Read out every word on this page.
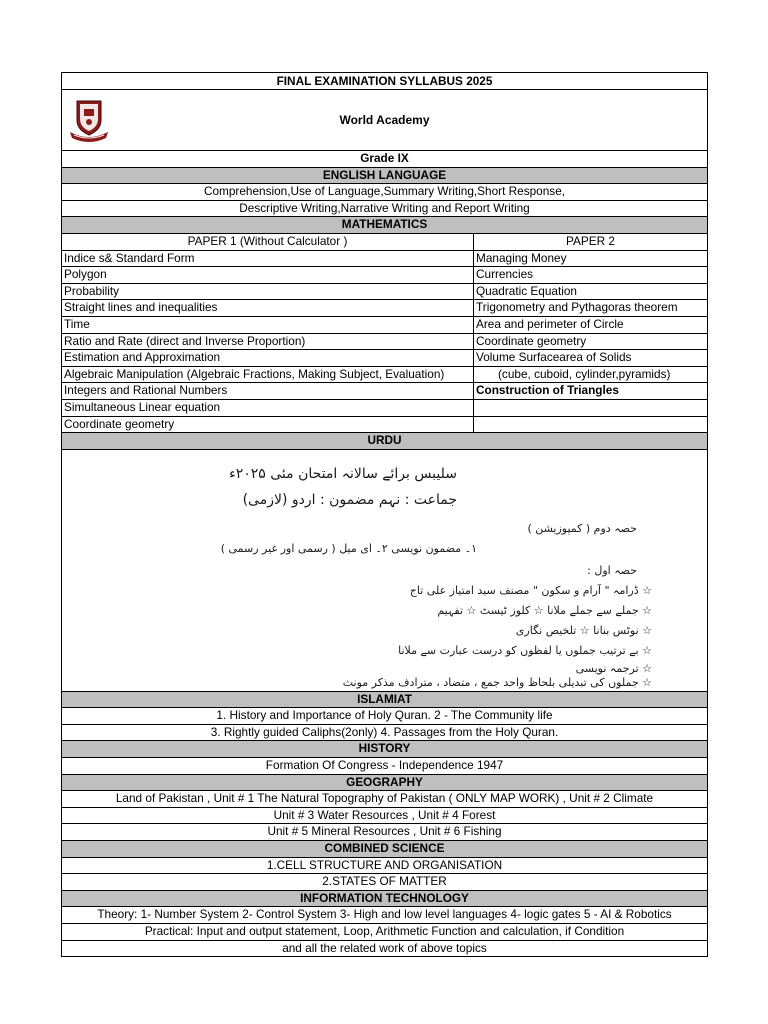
FINAL EXAMINATION SYLLABUS 2025
World Academy
Grade IX
ENGLISH LANGUAGE
Comprehension,Use of Language,Summary Writing,Short Response,
Descriptive Writing,Narrative Writing and Report Writing
MATHEMATICS
PAPER 1 (Without Calculator )	PAPER 2
Indice s& Standard Form	Managing Money
Polygon	Currencies
Probability	Quadratic Equation
Straight lines and inequalities	Trigonometry and Pythagoras theorem
Time	Area and perimeter of Circle
Ratio and Rate (direct and Inverse Proportion)	Coordinate geometry
Estimation and Approximation	Volume Surfacearea of Solids
Algebraic Manipulation (Algebraic Fractions, Making Subject, Evaluation)	(cube, cuboid, cylinder,pyramids)
Integers and Rational Numbers	Construction of Triangles
Simultaneous Linear equation
Coordinate geometry
URDU
سلیبس برائے سالانہ امتحان مئی ۲۰۲۵ء
جماعت : نہم مضمون : اردو (لازمی)
حصہ دوم ( کمپوزیشن )
۱۔ مضمون نویسی ۲۔ ای میل ( رسمی اور غیر رسمی )
حصہ اول :
☆ ڈرامہ " آرام و سکون " مصنف سید امتیاز علی تاج
☆ جملے سے جملے ملانا ☆ کلوز ٹیسٹ ☆ تفہیم
☆ نوٹس بنانا ☆ تلخیص نگاری
☆ بے ترتیب جملوں یا لفظوں کو درست عبارت سے ملانا
☆ ترجمہ نویسی
☆ جملوں کی تبدیلی بلحاظ واحد جمع ، متضاد ، مترادف مذکر مونث
ISLAMIAT
1. History and Importance of Holy Quran. 2 - The Community life
3. Rightly guided Caliphs(2only) 4. Passages from the Holy Quran.
HISTORY
Formation Of Congress - Independence 1947
GEOGRAPHY
Land of Pakistan , Unit # 1 The Natural Topography of Pakistan ( ONLY MAP WORK) , Unit # 2 Climate
Unit # 3 Water Resources , Unit # 4 Forest
Unit # 5 Mineral Resources , Unit # 6 Fishing
COMBINED SCIENCE
1.CELL STRUCTURE AND ORGANISATION
2.STATES OF MATTER
INFORMATION TECHNOLOGY
Theory: 1- Number System 2- Control System 3- High and low level languages 4- logic gates 5 - AI & Robotics
Practical: Input and output statement, Loop, Arithmetic Function and calculation, if Condition
and all the related work of above topics
